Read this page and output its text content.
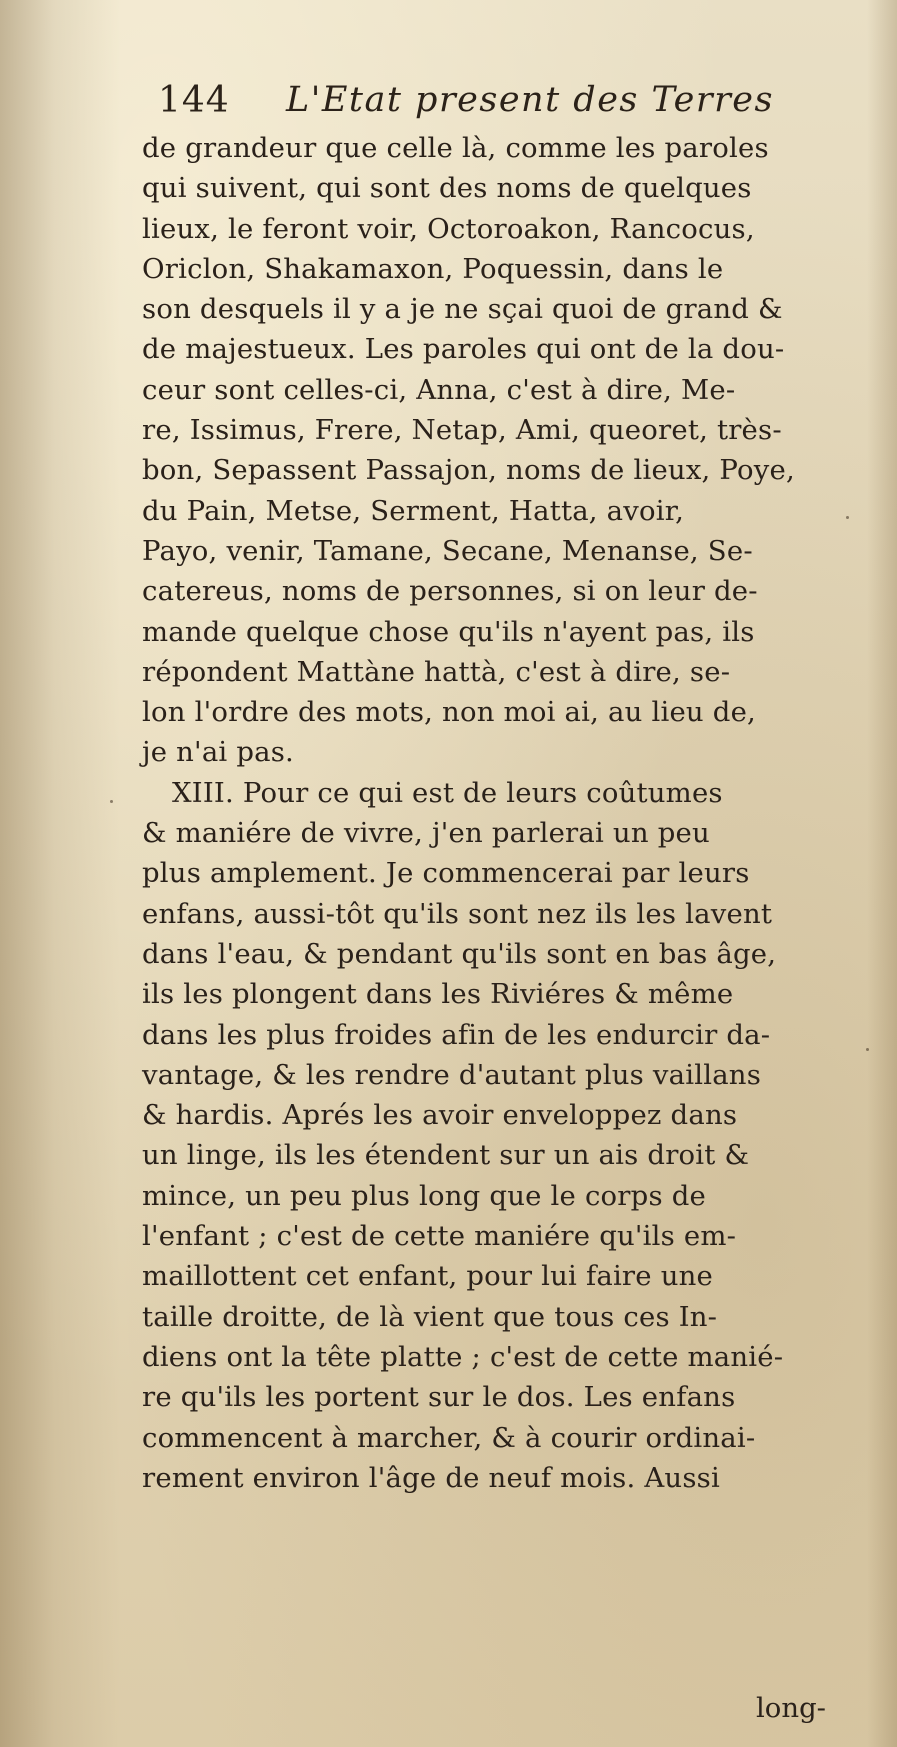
144 L'Etat present des Terres
de grandeur que celle là, comme les paroles
qui suivent, qui sont des noms de quelques
lieux, le feront voir, Octoroakon, Rancocus,
Oriclon, Shakamaxon, Poquessin, dans le
son desquels il y a je ne sçai quoi de grand &
de majestueux. Les paroles qui ont de la dou-
ceur sont celles-ci, Anna, c'est à dire, Me-
re, Issimus, Frere, Netap, Ami, queoret, très-
bon, Sepassent Passajon, noms de lieux, Poye,
du Pain, Metse, Serment, Hatta, avoir,
Payo, venir, Tamane, Secane, Menanse, Se-
catereus, noms de personnes, si on leur de-
mande quelque chose qu'ils n'ayent pas, ils
répondent Mattàne hattà, c'est à dire, se-
lon l'ordre des mots, non moi ai, au lieu de,
je n'ai pas.
XIII. Pour ce qui est de leurs coûtumes
& maniére de vivre, j'en parlerai un peu
plus amplement. Je commencerai par leurs
enfans, aussi-tôt qu'ils sont nez ils les lavent
dans l'eau, & pendant qu'ils sont en bas âge,
ils les plongent dans les Riviéres & même
dans les plus froides afin de les endurcir da-
vantage, & les rendre d'autant plus vaillans
& hardis. Aprés les avoir enveloppez dans
un linge, ils les étendent sur un ais droit &
mince, un peu plus long que le corps de
l'enfant ; c'est de cette maniére qu'ils em-
maillottent cet enfant, pour lui faire une
taille droitte, de là vient que tous ces In-
diens ont la tête platte ; c'est de cette manié-
re qu'ils les portent sur le dos. Les enfans
commencent à marcher, & à courir ordinai-
rement environ l'âge de neuf mois. Aussi
long-
